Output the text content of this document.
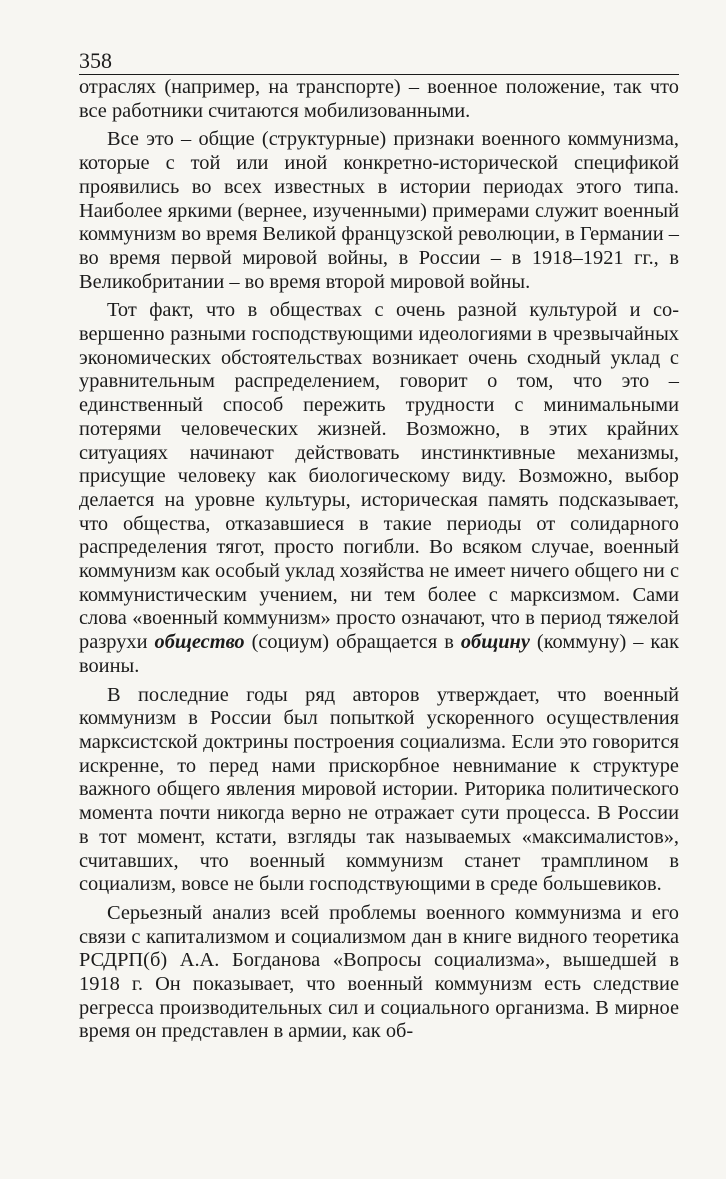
358

отраслях (например, на транспорте) – военное положение, так что все работники считаются мобилизованными.

Все это – общие (структурные) признаки военного коммунизма, которые с той или иной конкретно-исторической спецификой проявились во всех известных в истории периодах этого типа. Наиболее яркими (вернее, изученными) примерами служит военный коммунизм во время Великой французской революции, в Германии – во время первой мировой войны, в России – в 1918–1921 гг., в Великобритании – во время второй мировой войны.

Тот факт, что в обществах с очень разной культурой и совершенно разными господствующими идеологиями в чрезвычайных экономических обстоятельствах возникает очень сходный уклад с уравнительным распределением, говорит о том, что это – единственный способ пережить трудности с минимальными потерями человеческих жизней. Возможно, в этих крайних ситуациях начинают действовать инстинктивные механизмы, присущие человеку как биологическому виду. Возможно, выбор делается на уровне культуры, историческая память подсказывает, что общества, отказавшиеся в такие периоды от солидарного распределения тягот, просто погибли. Во всяком случае, военный коммунизм как особый уклад хозяйства не имеет ничего общего ни с коммунистическим учением, ни тем более с марксизмом. Сами слова «военный коммунизм» просто означают, что в период тяжелой разрухи общество (социум) обращается в общину (коммуну) – как воины.

В последние годы ряд авторов утверждает, что военный коммунизм в России был попыткой ускоренного осуществления марксистской доктрины построения социализма. Если это говорится искренне, то перед нами прискорбное невнимание к структуре важного общего явления мировой истории. Риторика политического момента почти никогда верно не отражает сути процесса. В России в тот момент, кстати, взгляды так называемых «максималистов», считавших, что военный коммунизм станет трамплином в социализм, вовсе не были господствующими в среде большевиков.

Серьезный анализ всей проблемы военного коммунизма и его связи с капитализмом и социализмом дан в книге видного теоретика РСДРП(б) А.А. Богданова «Вопросы социализма», вышедшей в 1918 г. Он показывает, что военный коммунизм есть следствие регресса производительных сил и социального организма. В мирное время он представлен в армии, как об-
